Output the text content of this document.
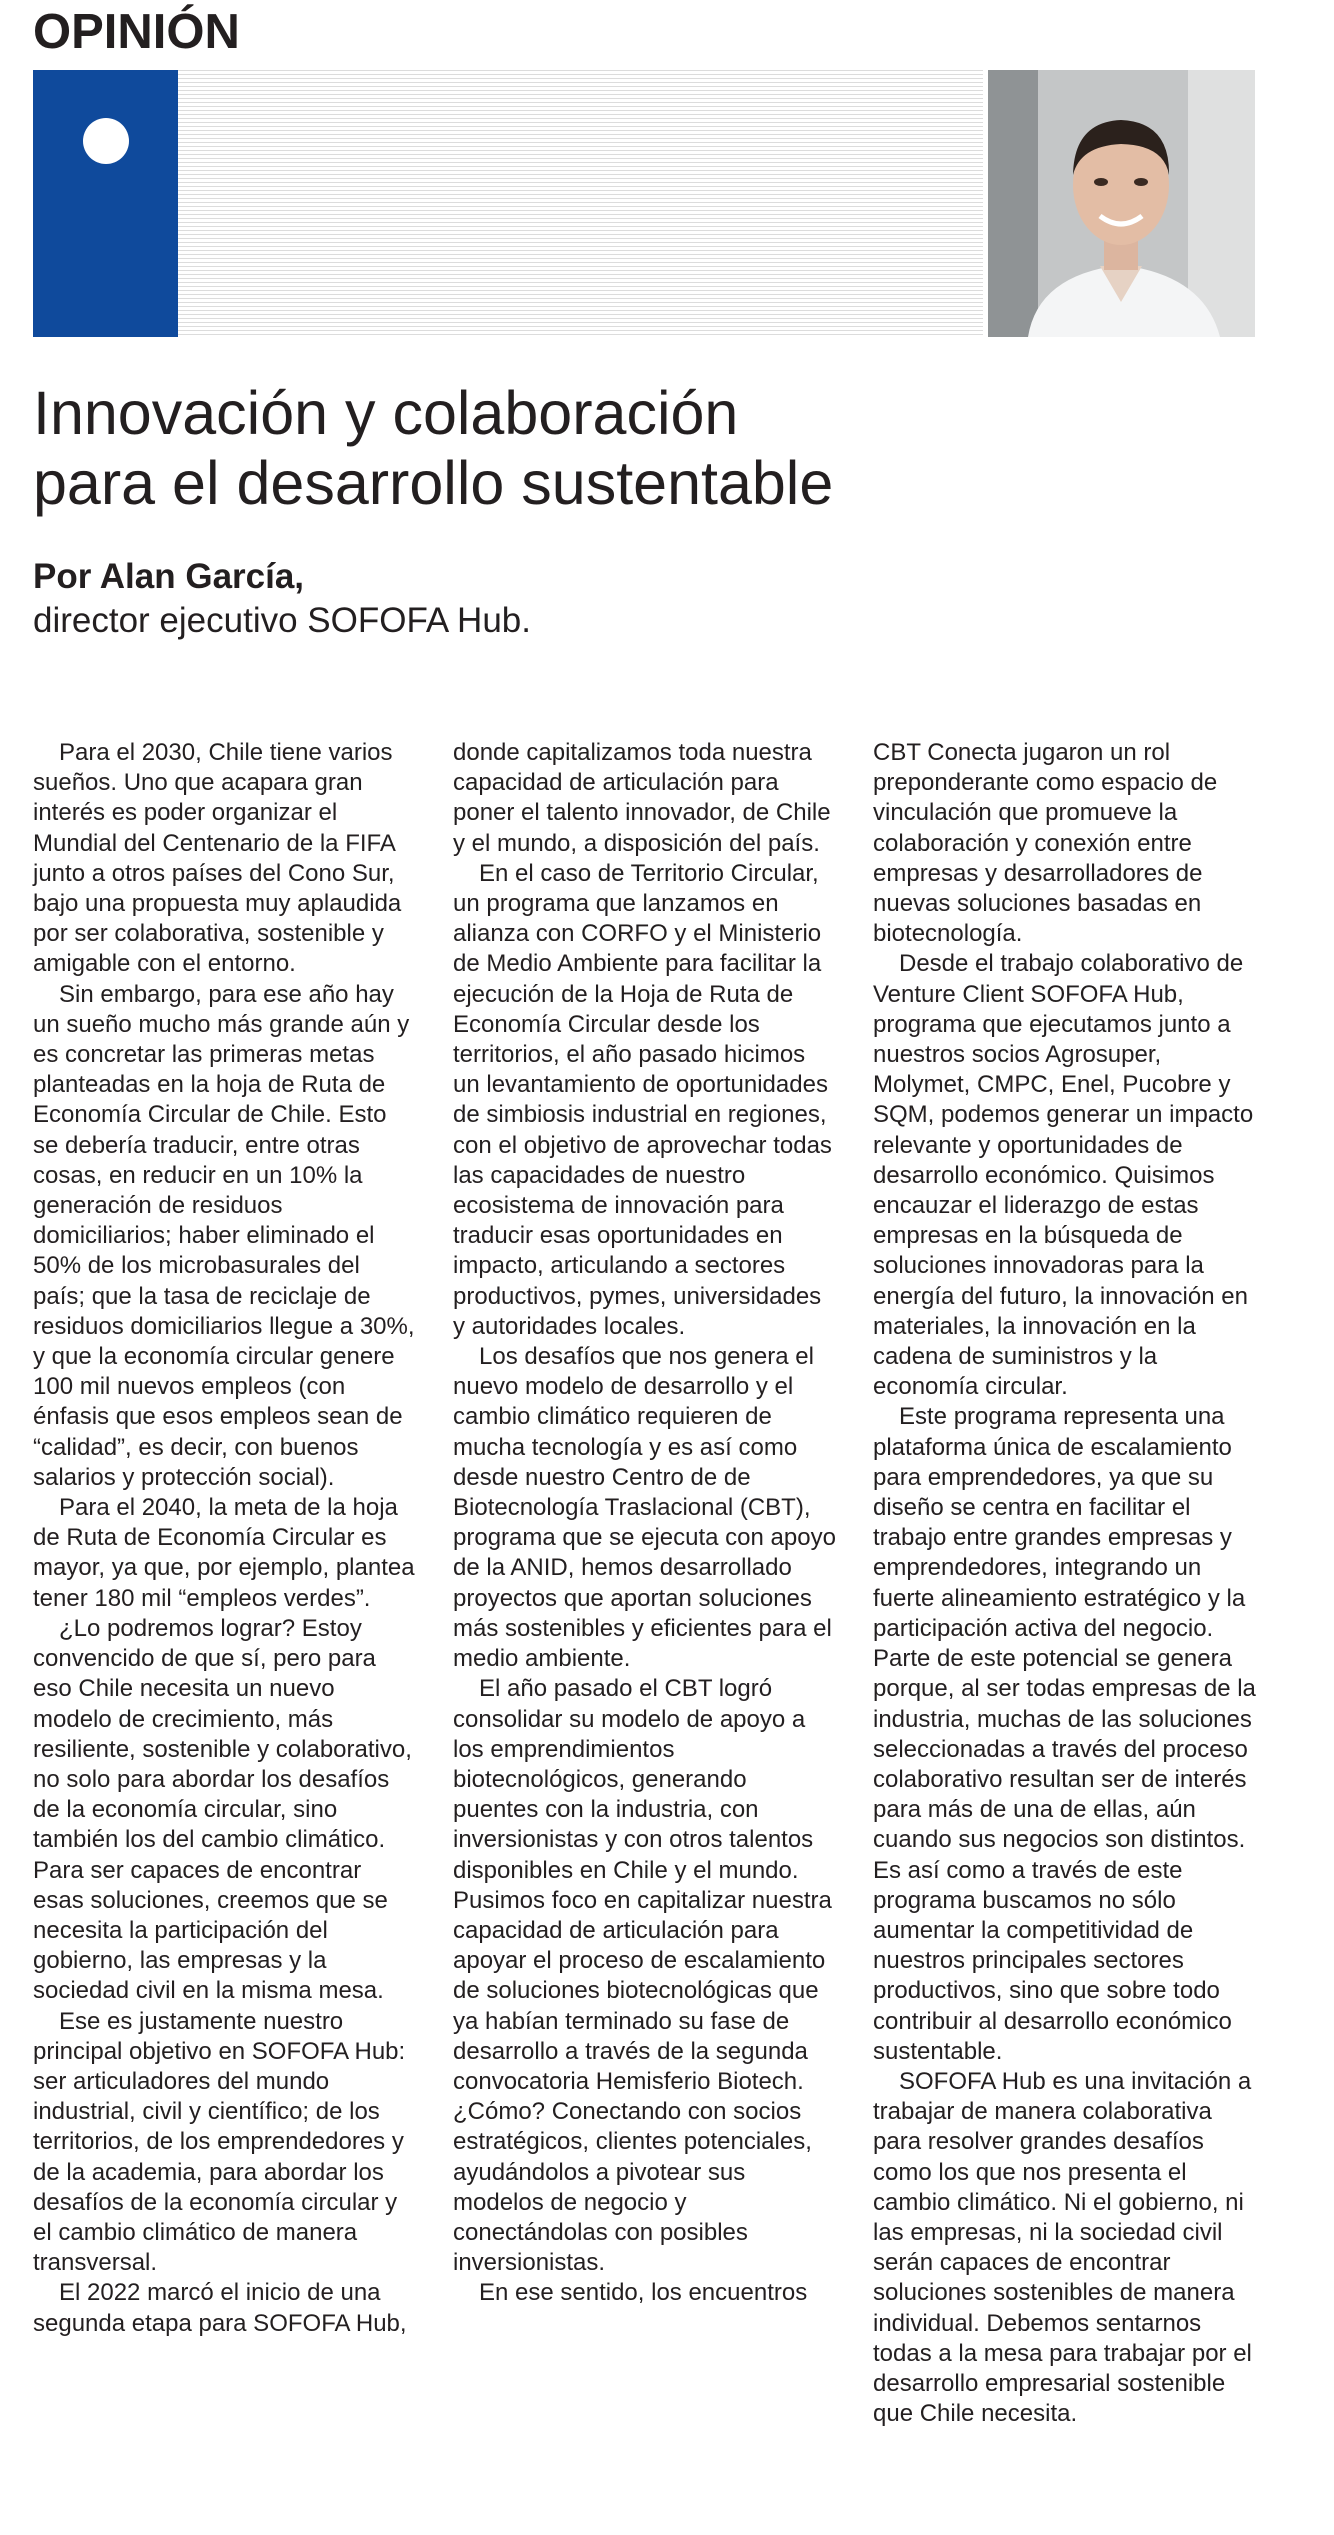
OPINIÓN
Innovación y colaboración
para el desarrollo sustentable
Por Alan García,
director ejecutivo SOFOFA Hub.

Para el 2030, Chile tiene varios sueños. Uno que acapara gran interés es poder organizar el Mundial del Centenario de la FIFA junto a otros países del Cono Sur, bajo una propuesta muy aplaudida por ser colaborativa, sostenible y amigable con el entorno.

Sin embargo, para ese año hay un sueño mucho más grande aún y es concretar las primeras metas planteadas en la hoja de Ruta de Economía Circular de Chile. Esto se debería traducir, entre otras cosas, en reducir en un 10% la generación de residuos domiciliarios; haber eliminado el 50% de los microbasurales del país; que la tasa de reciclaje de residuos domiciliarios llegue a 30%, y que la economía circular genere 100 mil nuevos empleos (con énfasis que esos empleos sean de “calidad”, es decir, con buenos salarios y protección social).

Para el 2040, la meta de la hoja de Ruta de Economía Circular es mayor, ya que, por ejemplo, plantea tener 180 mil “empleos verdes”.

¿Lo podremos lograr? Estoy convencido de que sí, pero para eso Chile necesita un nuevo modelo de crecimiento, más resiliente, sostenible y colaborativo, no solo para abordar los desafíos de la economía circular, sino también los del cambio climático. Para ser capaces de encontrar esas soluciones, creemos que se necesita la participación del gobierno, las empresas y la sociedad civil en la misma mesa.

Ese es justamente nuestro principal objetivo en SOFOFA Hub: ser articuladores del mundo industrial, civil y científico; de los territorios, de los emprendedores y de la academia, para abordar los desafíos de la economía circular y el cambio climático de manera transversal.

El 2022 marcó el inicio de una segunda etapa para SOFOFA Hub,

donde capitalizamos toda nuestra capacidad de articulación para poner el talento innovador, de Chile y el mundo, a disposición del país.

En el caso de Territorio Circular, un programa que lanzamos en alianza con CORFO y el Ministerio de Medio Ambiente para facilitar la ejecución de la Hoja de Ruta de Economía Circular desde los territorios, el año pasado hicimos un levantamiento de oportunidades de simbiosis industrial en regiones, con el objetivo de aprovechar todas las capacidades de nuestro ecosistema de innovación para traducir esas oportunidades en impacto, articulando a sectores productivos, pymes, universidades y autoridades locales.

Los desafíos que nos genera el nuevo modelo de desarrollo y el cambio climático requieren de mucha tecnología y es así como desde nuestro Centro de de Biotecnología Traslacional (CBT), programa que se ejecuta con apoyo de la ANID, hemos desarrollado proyectos que aportan soluciones más sostenibles y eficientes para el medio ambiente.

El año pasado el CBT logró consolidar su modelo de apoyo a los emprendimientos biotecnológicos, generando puentes con la industria, con inversionistas y con otros talentos disponibles en Chile y el mundo. Pusimos foco en capitalizar nuestra capacidad de articulación para apoyar el proceso de escalamiento de soluciones biotecnológicas que ya habían terminado su fase de desarrollo a través de la segunda convocatoria Hemisferio Biotech. ¿Cómo? Conectando con socios estratégicos, clientes potenciales, ayudándolos a pivotear sus modelos de negocio y conectándolas con posibles inversionistas.

En ese sentido, los encuentros

CBT Conecta jugaron un rol preponderante como espacio de vinculación que promueve la colaboración y conexión entre empresas y desarrolladores de nuevas soluciones basadas en biotecnología.

Desde el trabajo colaborativo de Venture Client SOFOFA Hub, programa que ejecutamos junto a nuestros socios Agrosuper, Molymet, CMPC, Enel, Pucobre y SQM, podemos generar un impacto relevante y oportunidades de desarrollo económico. Quisimos encauzar el liderazgo de estas empresas en la búsqueda de soluciones innovadoras para la energía del futuro, la innovación en materiales, la innovación en la cadena de suministros y la economía circular.

Este programa representa una plataforma única de escalamiento para emprendedores, ya que su diseño se centra en facilitar el trabajo entre grandes empresas y emprendedores, integrando un fuerte alineamiento estratégico y la participación activa del negocio. Parte de este potencial se genera porque, al ser todas empresas de la industria, muchas de las soluciones seleccionadas a través del proceso colaborativo resultan ser de interés para más de una de ellas, aún cuando sus negocios son distintos. Es así como a través de este programa buscamos no sólo aumentar la competitividad de nuestros principales sectores productivos, sino que sobre todo contribuir al desarrollo económico sustentable.

SOFOFA Hub es una invitación a trabajar de manera colaborativa para resolver grandes desafíos como los que nos presenta el cambio climático. Ni el gobierno, ni las empresas, ni la sociedad civil serán capaces de encontrar soluciones sostenibles de manera individual. Debemos sentarnos todas a la mesa para trabajar por el desarrollo empresarial sostenible que Chile necesita.
